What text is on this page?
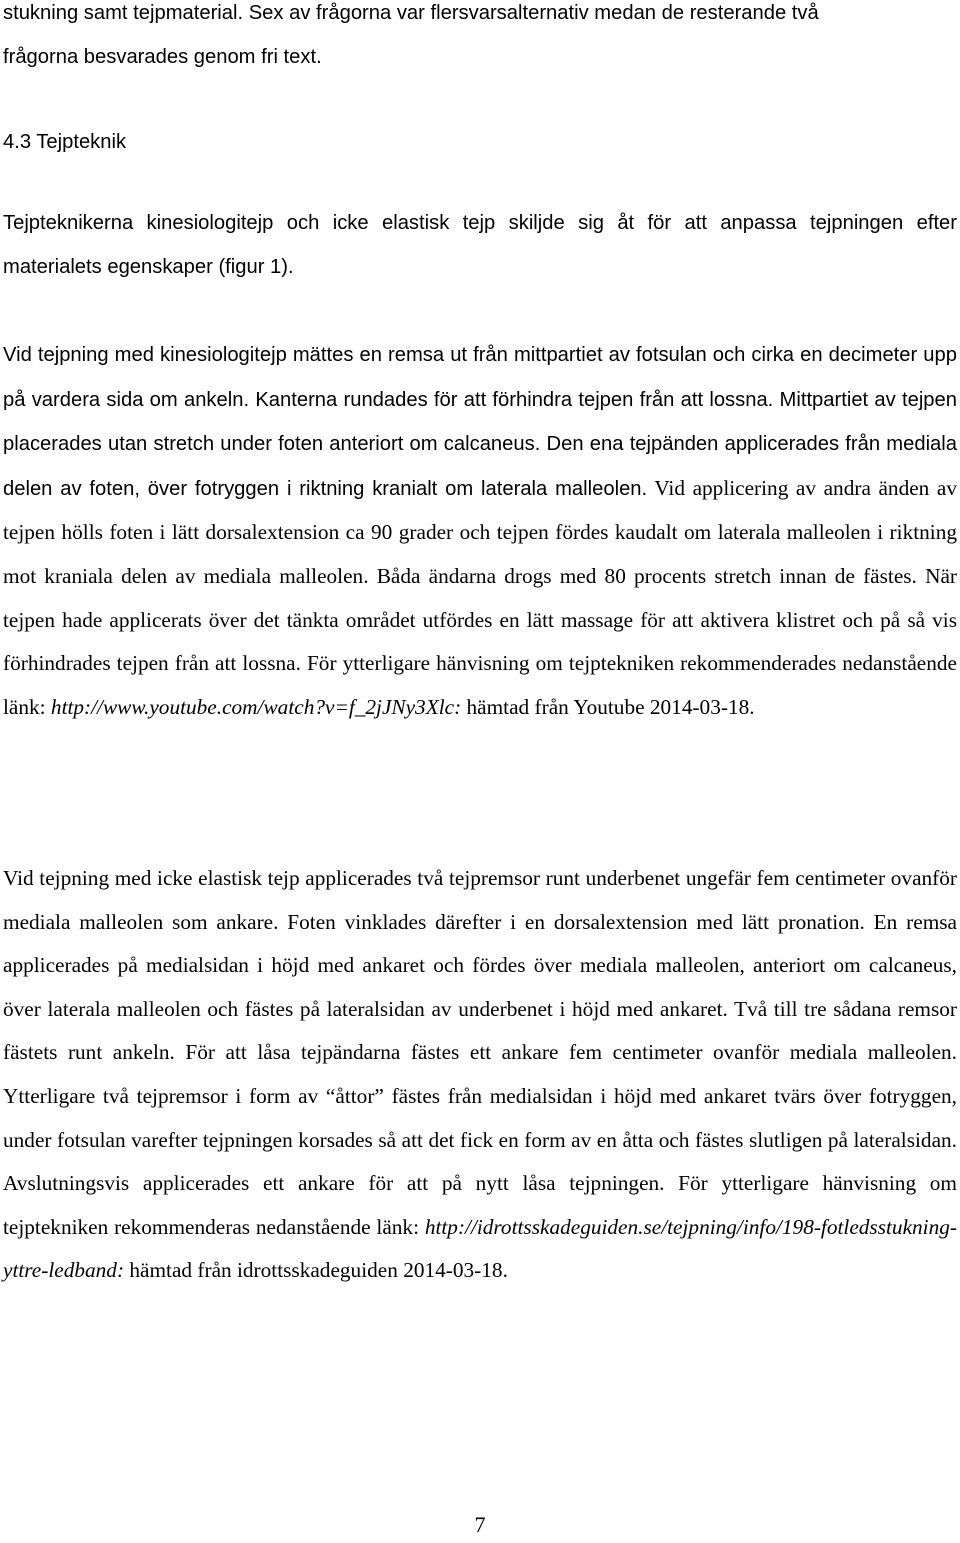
stukning samt tejpmaterial. Sex av frågorna var flersvarsalternativ medan de resterande två
frågorna besvarades genom fri text.

4.3 Tejpteknik

Tejpteknikerna kinesiologitejp och icke elastisk tejp skiljde sig åt för att anpassa tejpningen efter materialets egenskaper (figur 1).

Vid tejpning med kinesiologitejp mättes en remsa ut från mittpartiet av fotsulan och cirka en decimeter upp på vardera sida om ankeln. Kanterna rundades för att förhindra tejpen från att lossna. Mittpartiet av tejpen placerades utan stretch under foten anteriort om calcaneus. Den ena tejpänden applicerades från mediala delen av foten, över fotryggen i riktning kranialt om laterala malleolen. Vid applicering av andra änden av tejpen hölls foten i lätt dorsalextension ca 90 grader och tejpen fördes kaudalt om laterala malleolen i riktning mot kraniala delen av mediala malleolen. Båda ändarna drogs med 80 procents stretch innan de fästes. När tejpen hade applicerats över det tänkta området utfördes en lätt massage för att aktivera klistret och på så vis förhindrades tejpen från att lossna. För ytterligare hänvisning om tejptekniken rekommenderades nedanstående länk: http://www.youtube.com/watch?v=f_2jJNy3Xlc: hämtad från Youtube 2014-03-18.

Vid tejpning med icke elastisk tejp applicerades två tejpremsor runt underbenet ungefär fem centimeter ovanför mediala malleolen som ankare. Foten vinklades därefter i en dorsalextension med lätt pronation. En remsa applicerades på medialsidan i höjd med ankaret och fördes över mediala malleolen, anteriort om calcaneus, över laterala malleolen och fästes på lateralsidan av underbenet i höjd med ankaret. Två till tre sådana remsor fästets runt ankeln. För att låsa tejpändarna fästes ett ankare fem centimeter ovanför mediala malleolen. Ytterligare två tejpremsor i form av “åttor” fästes från medialsidan i höjd med ankaret tvärs över fotryggen, under fotsulan varefter tejpningen korsades så att det fick en form av en åtta och fästes slutligen på lateralsidan. Avslutningsvis applicerades ett ankare för att på nytt låsa tejpningen. För ytterligare hänvisning om tejptekniken rekommenderas nedanstående länk: http://idrottsskadeguiden.se/tejpning/info/198-fotledsstukning-yttre-ledband: hämtad från idrottsskadeguiden 2014-03-18.

7
